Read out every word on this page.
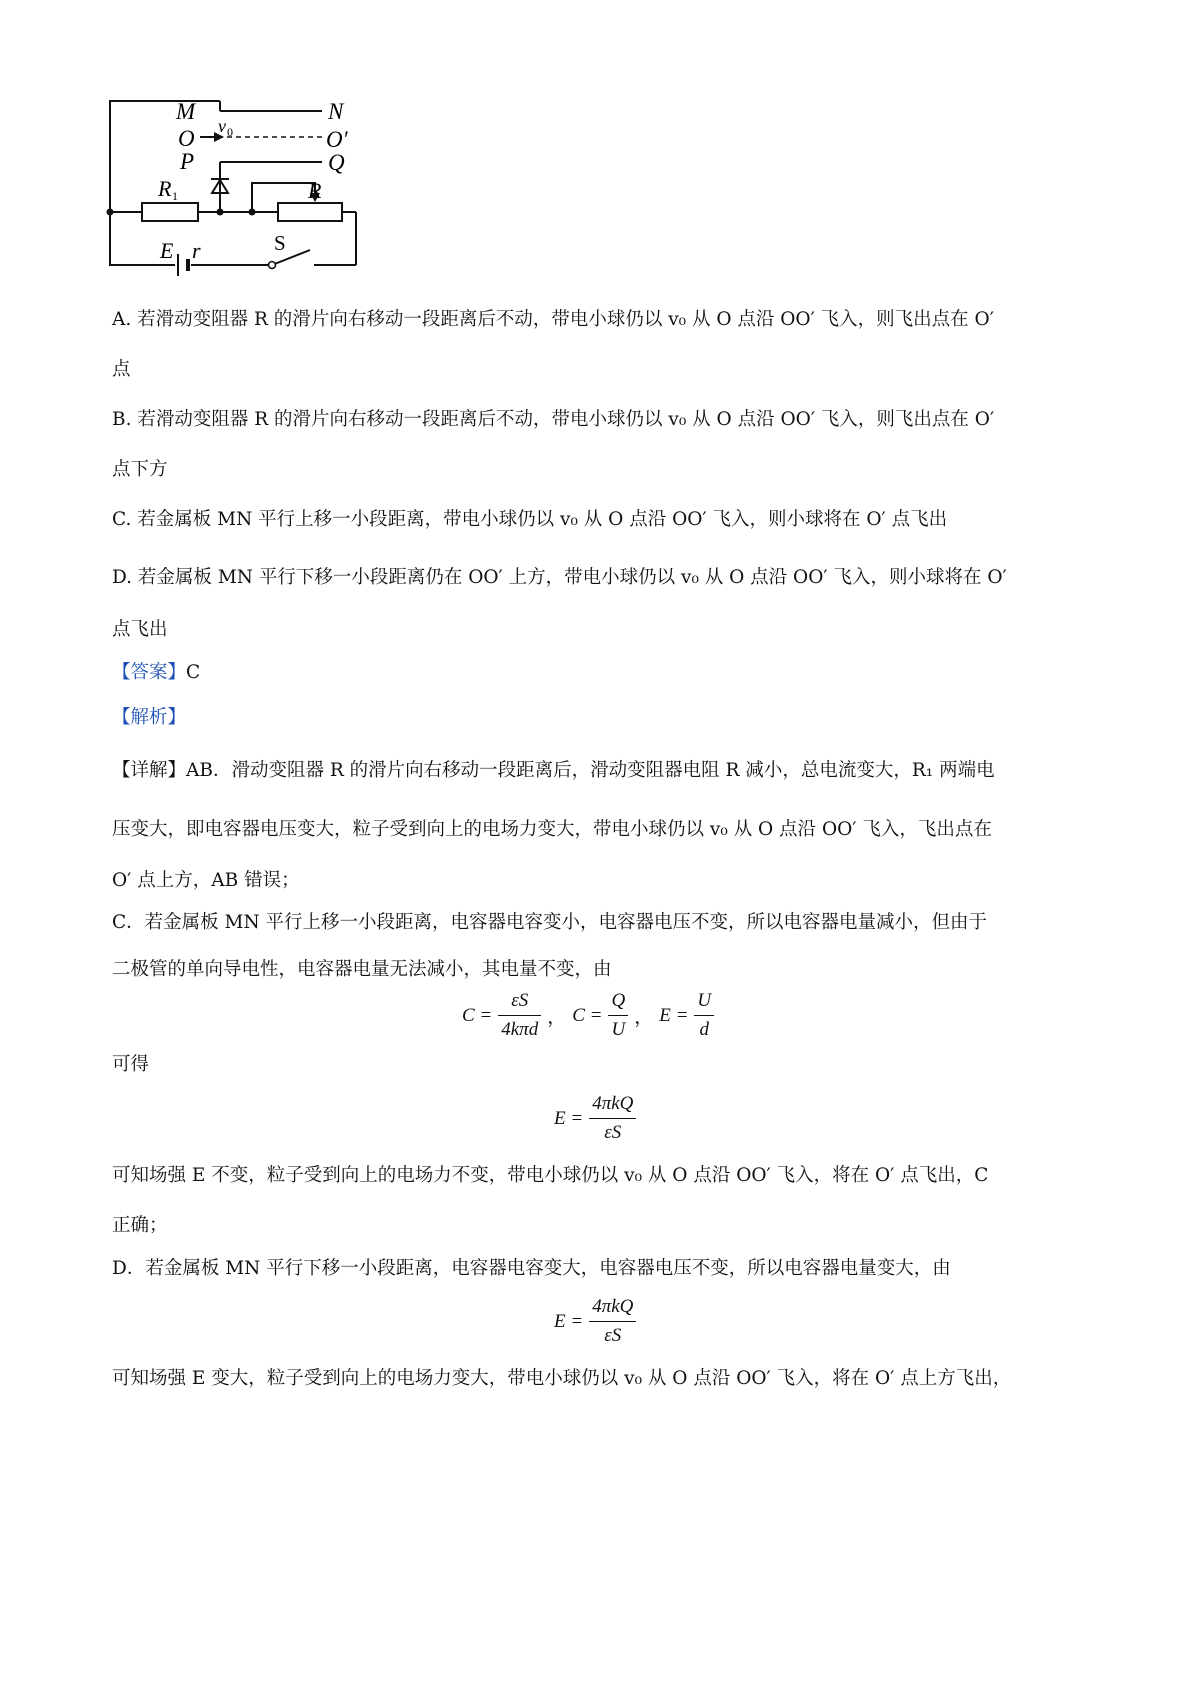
M	N
O	O′
P	Q
v 0
R 1	R
E r	S
A. 若滑动变阻器 R 的滑片向右移动一段距离后不动，带电小球仍以 v₀ 从 O 点沿 OO′ 飞入，则飞出点在 O′
点
B. 若滑动变阻器 R 的滑片向右移动一段距离后不动，带电小球仍以 v₀ 从 O 点沿 OO′ 飞入，则飞出点在 O′
点下方
C. 若金属板 MN 平行上移一小段距离，带电小球仍以 v₀ 从 O 点沿 OO′ 飞入，则小球将在 O′ 点飞出
D. 若金属板 MN 平行下移一小段距离仍在 OO′ 上方，带电小球仍以 v₀ 从 O 点沿 OO′ 飞入，则小球将在 O′
点飞出
【答案】C
【解析】
【详解】AB．滑动变阻器 R 的滑片向右移动一段距离后，滑动变阻器电阻 R 减小，总电流变大，R₁ 两端电
压变大，即电容器电压变大，粒子受到向上的电场力变大，带电小球仍以 v₀ 从 O 点沿 OO′ 飞入，飞出点在
O′ 点上方，AB 错误；
C．若金属板 MN 平行上移一小段距离，电容器电容变小，电容器电压不变，所以电容器电量减小，但由于
二极管的单向导电性，电容器电量无法减小，其电量不变，由
$C = \frac{\varepsilon S}{\text{4kπd}}$ ， $C = \frac{Q}{U}$ ， $E = \frac{U}{d}$
可得
$E = \frac{\text{4πkQ}}{\varepsilon S}$
可知场强 E 不变，粒子受到向上的电场力不变，带电小球仍以 v₀ 从 O 点沿 OO′ 飞入，将在 O′ 点飞出，C
正确；
D．若金属板 MN 平行下移一小段距离，电容器电容变大，电容器电压不变，所以电容器电量变大，由
$E = \frac{\text{4πkQ}}{\varepsilon S}$
可知场强 E 变大，粒子受到向上的电场力变大，带电小球仍以 v₀ 从 O 点沿 OO′ 飞入，将在 O′ 点上方飞出，
